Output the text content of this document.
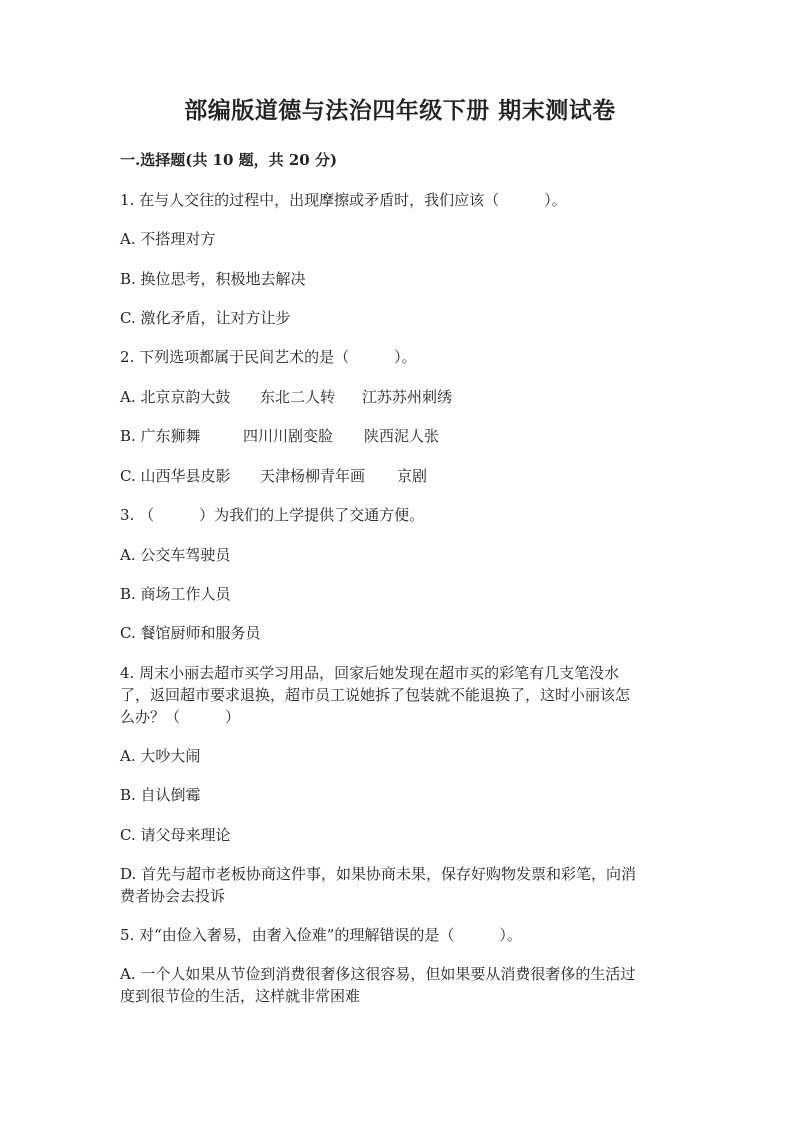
部编版道德与法治四年级下册 期末测试卷
一.选择题(共 10 题，共 20 分)
1. 在与人交往的过程中，出现摩擦或矛盾时，我们应该（　　　）。
A. 不搭理对方
B. 换位思考，积极地去解决
C. 激化矛盾，让对方让步
2. 下列选项都属于民间艺术的是（　　　）。
A. 北京京韵大鼓 东北二人转 江苏苏州刺绣
B. 广东狮舞	四川川剧变脸 陕西泥人张
C. 山西华县皮影 天津杨柳青年画 京剧
3. （　　　）为我们的上学提供了交通方便。
A. 公交车驾驶员
B. 商场工作人员
C. 餐馆厨师和服务员
4. 周末小丽去超市买学习用品，回家后她发现在超市买的彩笔有几支笔没水
了，返回超市要求退换，超市员工说她拆了包装就不能退换了，这时小丽该怎
么办？（　　　）
A. 大吵大闹
B. 自认倒霉
C. 请父母来理论
D. 首先与超市老板协商这件事，如果协商未果，保存好购物发票和彩笔，向消
费者协会去投诉
5. 对“由俭入奢易，由奢入俭难”的理解错误的是（　　　）。
A. 一个人如果从节俭到消费很奢侈这很容易，但如果要从消费很奢侈的生活过
度到很节俭的生活，这样就非常困难
